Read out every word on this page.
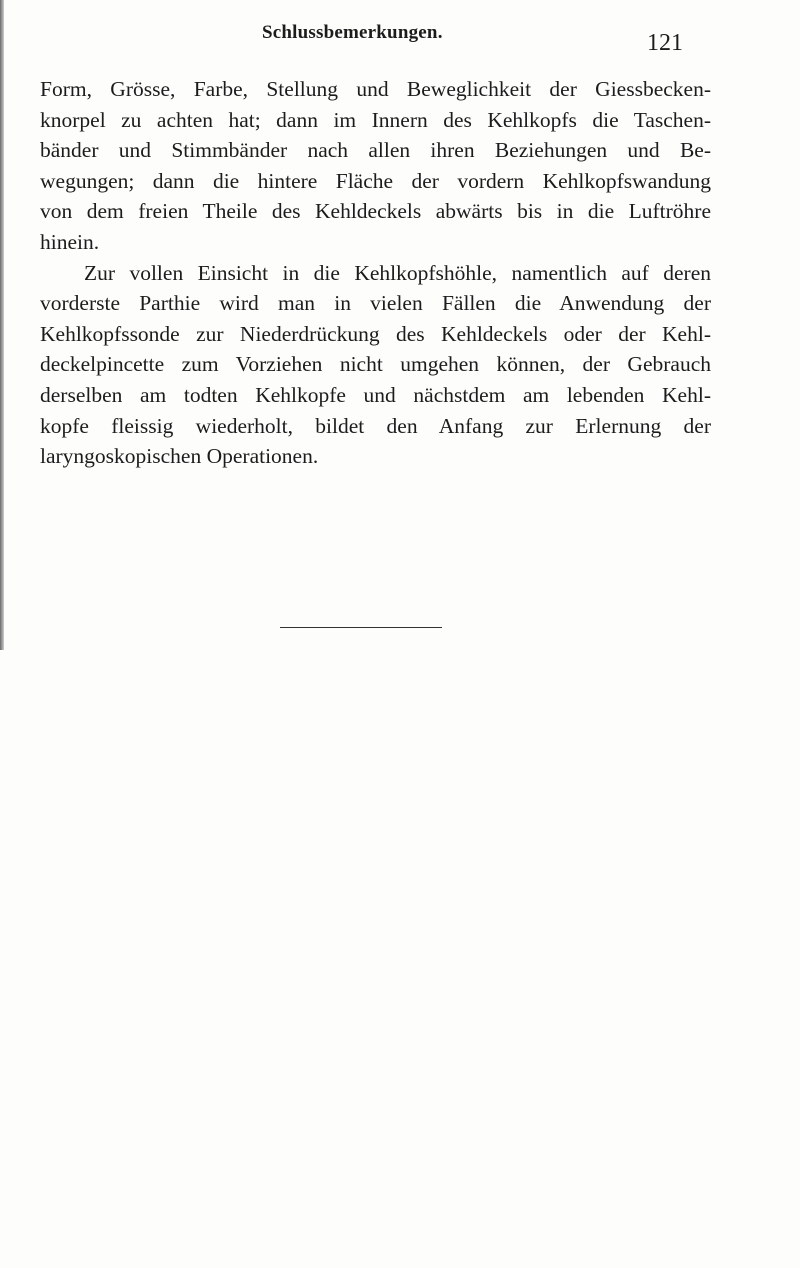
Schlussbemerkungen.	121
Form, Grösse, Farbe, Stellung und Beweglichkeit der Giessbecken-
knorpel zu achten hat; dann im Innern des Kehlkopfs die Taschen-
bänder und Stimmbänder nach allen ihren Beziehungen und Be-
wegungen; dann die hintere Fläche der vordern Kehlkopfswandung
von dem freien Theile des Kehldeckels abwärts bis in die Luftröhre
hinein.
Zur vollen Einsicht in die Kehlkopfshöhle, namentlich auf deren
vorderste Parthie wird man in vielen Fällen die Anwendung der
Kehlkopfssonde zur Niederdrückung des Kehldeckels oder der Kehl-
deckelpincette zum Vorziehen nicht umgehen können, der Gebrauch
derselben am todten Kehlkopfe und nächstdem am lebenden Kehl-
kopfe fleissig wiederholt, bildet den Anfang zur Erlernung der
laryngoskopischen Operationen.
